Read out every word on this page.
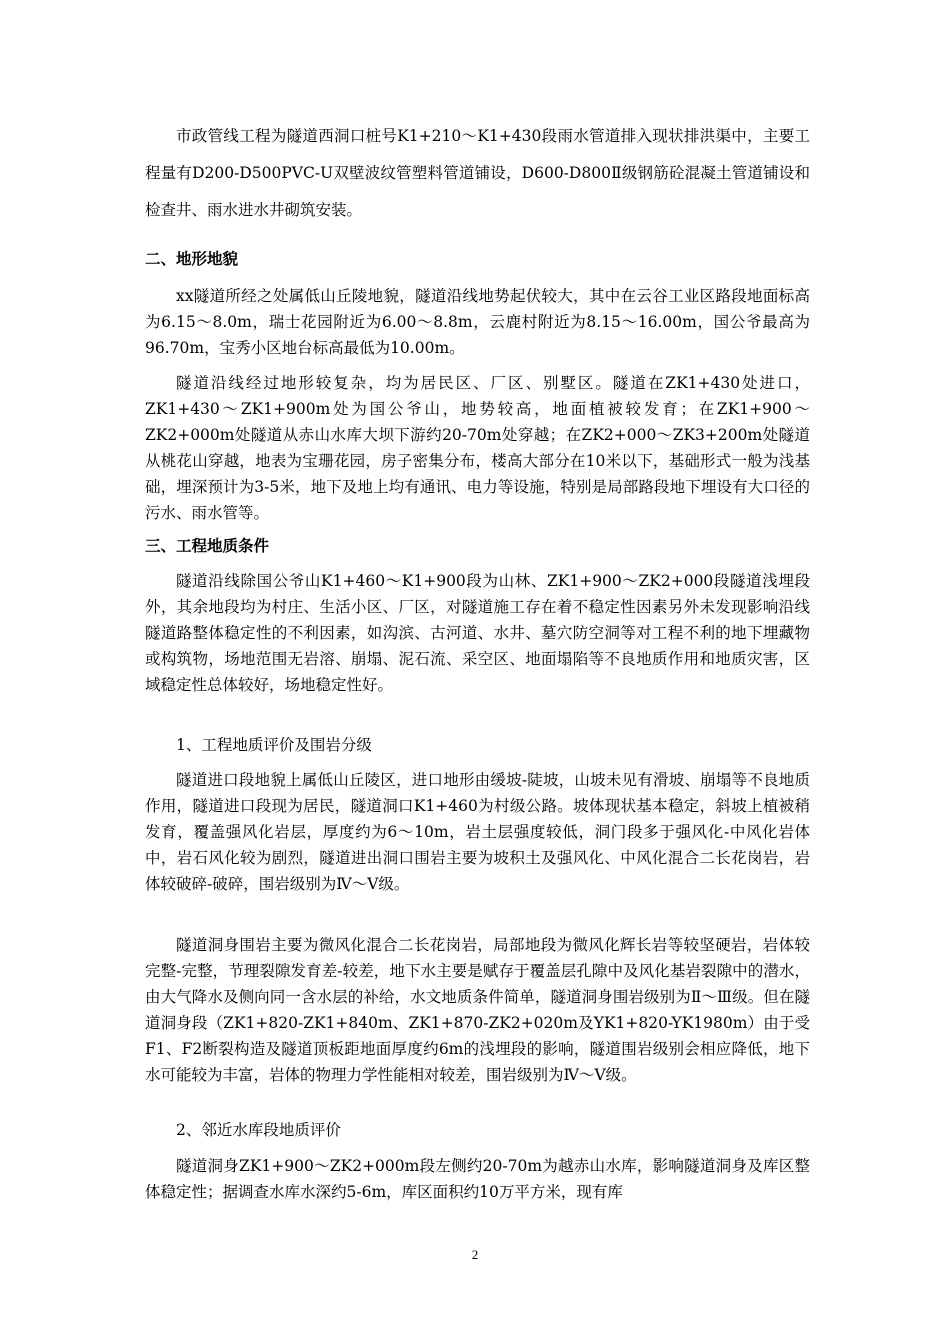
市政管线工程为隧道西洞口桩号K1+210～K1+430段雨水管道排入现状排洪渠中，主要工程量有D200-D500PVC-U双壁波纹管塑料管道铺设，D600-D800Ⅱ级钢筋砼混凝土管道铺设和检查井、雨水进水井砌筑安装。

二、地形地貌

xx隧道所经之处属低山丘陵地貌，隧道沿线地势起伏较大，其中在云谷工业区路段地面标高为6.15～8.0m，瑞士花园附近为6.00～8.8m，云鹿村附近为8.15～16.00m，国公爷最高为96.70m，宝秀小区地台标高最低为10.00m。

隧道沿线经过地形较复杂，均为居民区、厂区、别墅区。隧道在ZK1+430处进口，ZK1+430～ZK1+900m处为国公爷山，地势较高，地面植被较发育；在ZK1+900～ZK2+000m处隧道从赤山水库大坝下游约20-70m处穿越；在ZK2+000～ZK3+200m处隧道从桃花山穿越，地表为宝珊花园，房子密集分布，楼高大部分在10米以下，基础形式一般为浅基础，埋深预计为3-5米，地下及地上均有通讯、电力等设施，特别是局部路段地下埋设有大口径的污水、雨水管等。

三、工程地质条件

隧道沿线除国公爷山K1+460～K1+900段为山林、ZK1+900～ZK2+000段隧道浅埋段外，其余地段均为村庄、生活小区、厂区，对隧道施工存在着不稳定性因素另外未发现影响沿线隧道路整体稳定性的不利因素，如沟滨、古河道、水井、墓穴防空洞等对工程不利的地下埋藏物或构筑物，场地范围无岩溶、崩塌、泥石流、采空区、地面塌陷等不良地质作用和地质灾害，区域稳定性总体较好，场地稳定性好。

1、工程地质评价及围岩分级

隧道进口段地貌上属低山丘陵区，进口地形由缓坡-陡坡，山坡未见有滑坡、崩塌等不良地质作用，隧道进口段现为居民，隧道洞口K1+460为村级公路。坡体现状基本稳定，斜坡上植被稍发育，覆盖强风化岩层，厚度约为6～10m，岩土层强度较低，洞门段多于强风化-中风化岩体中，岩石风化较为剧烈，隧道进出洞口围岩主要为坡积土及强风化、中风化混合二长花岗岩，岩体较破碎-破碎，围岩级别为Ⅳ～Ⅴ级。

隧道洞身围岩主要为微风化混合二长花岗岩，局部地段为微风化辉长岩等较坚硬岩，岩体较完整-完整，节理裂隙发育差-较差，地下水主要是赋存于覆盖层孔隙中及风化基岩裂隙中的潜水，由大气降水及侧向同一含水层的补给，水文地质条件简单，隧道洞身围岩级别为Ⅱ～Ⅲ级。但在隧道洞身段（ZK1+820-ZK1+840m、ZK1+870-ZK2+020m及YK1+820-YK1980m）由于受F1、F2断裂构造及隧道顶板距地面厚度约6m的浅埋段的影响，隧道围岩级别会相应降低，地下水可能较为丰富，岩体的物理力学性能相对较差，围岩级别为Ⅳ～Ⅴ级。

2、邻近水库段地质评价

隧道洞身ZK1+900～ZK2+000m段左侧约20-70m为越赤山水库，影响隧道洞身及库区整体稳定性；据调查水库水深约5-6m，库区面积约10万平方米，现有库

2
